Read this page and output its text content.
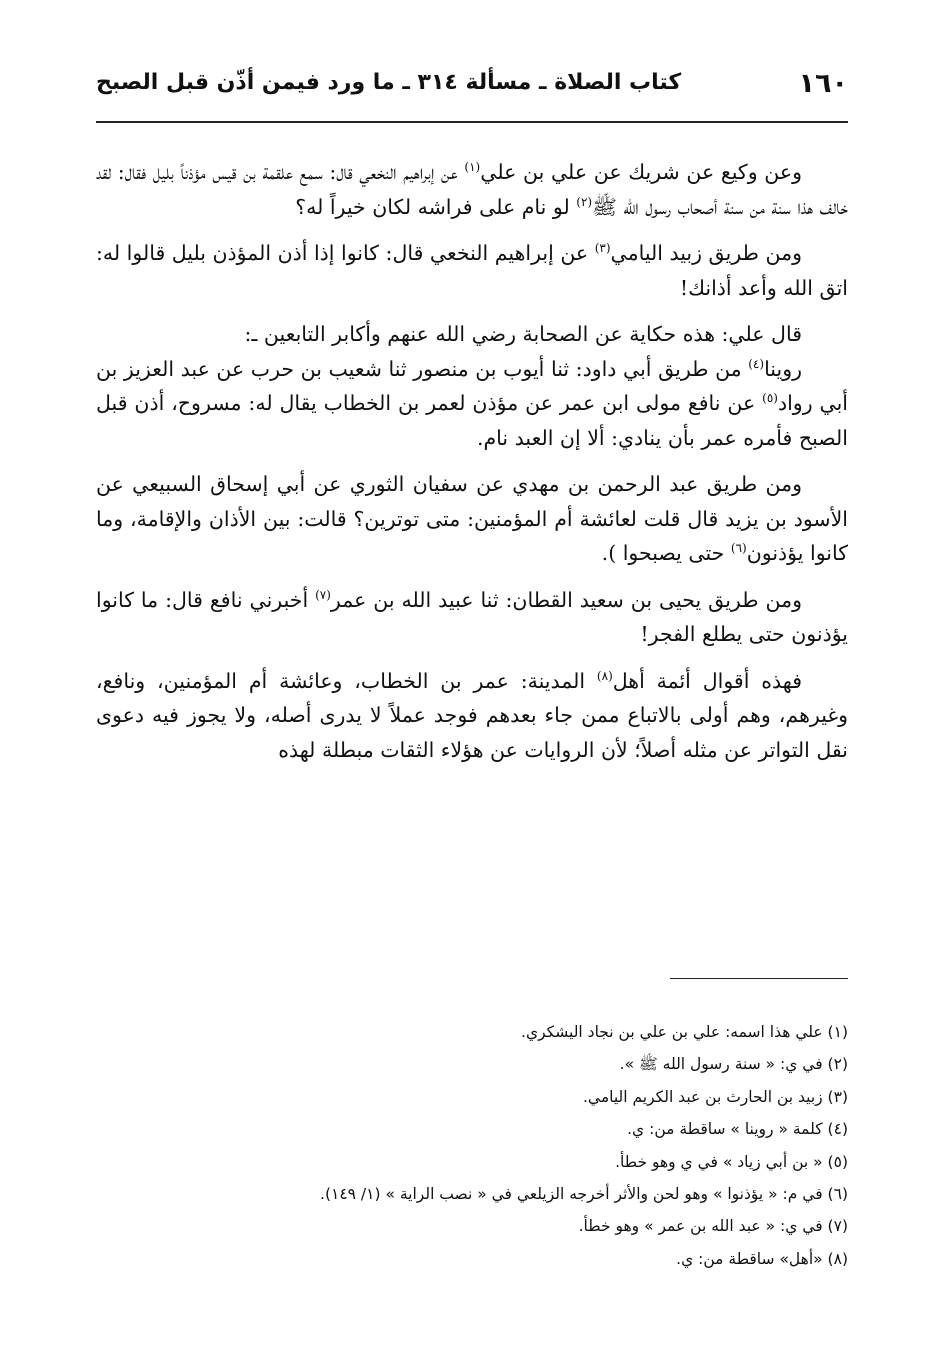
١٦٠
كتاب الصلاة ـ مسألة ٣١٤ ـ ما ورد فيمن أذّن قبل الصبح

وعن وكيع عن شريك عن علي بن علي$^{(١)}$ عن إبراهيم النخعي قال: سمع علقمة بن قيس مؤذناً بليل فقال: لقد خالف هذا سنة من سنة أصحاب رسول الله ﷺ$^{(٢)}$ لو نام على فراشه لكان خيراً له؟

ومن طريق زبيد اليامي$^{(٣)}$ عن إبراهيم النخعي قال: كانوا إذا أذن المؤذن بليل قالوا له: اتق الله وأعد أذانك!

قال علي: هذه حكاية عن الصحابة رضي الله عنهم وأكابر التابعين ـ:

روينا$^{(٤)}$ من طريق أبي داود: ثنا أيوب بن منصور ثنا شعيب بن حرب عن عبد العزيز بن أبي رواد$^{(٥)}$ عن نافع مولى ابن عمر عن مؤذن لعمر بن الخطاب يقال له: مسروح، أذن قبل الصبح فأمره عمر بأن ينادي: ألا إن العبد نام.

ومن طريق عبد الرحمن بن مهدي عن سفيان الثوري عن أبي إسحاق السبيعي عن الأسود بن يزيد قال قلت لعائشة أم المؤمنين: متى توترين؟ قالت: بين الأذان والإقامة، وما كانوا يؤذنون$^{(٦)}$ حتى يصبحوا ).

ومن طريق يحيى بن سعيد القطان: ثنا عبيد الله بن عمر$^{(٧)}$ أخبرني نافع قال: ما كانوا يؤذنون حتى يطلع الفجر!

فهذه أقوال أئمة أهل$^{(٨)}$ المدينة: عمر بن الخطاب، وعائشة أم المؤمنين، ونافع، وغيرهم، وهم أولى بالاتباع ممن جاء بعدهم فوجد عملاً لا يدرى أصله، ولا يجوز فيه دعوى نقل التواتر عن مثله أصلاً؛ لأن الروايات عن هؤلاء الثقات مبطلة لهذه

(١) علي هذا اسمه: علي بن علي بن نجاد اليشكري.
(٢) في ي: « سنة رسول الله ﷺ ».
(٣) زبيد بن الحارث بن عبد الكريم اليامي.
(٤) كلمة « روينا » ساقطة من: ي.
(٥) « بن أبي زياد » في ي وهو خطأ.
(٦) في م: « يؤذنوا » وهو لحن والأثر أخرجه الزيلعي في « نصب الراية » (١/ ١٤٩).
(٧) في ي: « عبد الله بن عمر » وهو خطأ.
(٨) «أهل» ساقطة من: ي.
